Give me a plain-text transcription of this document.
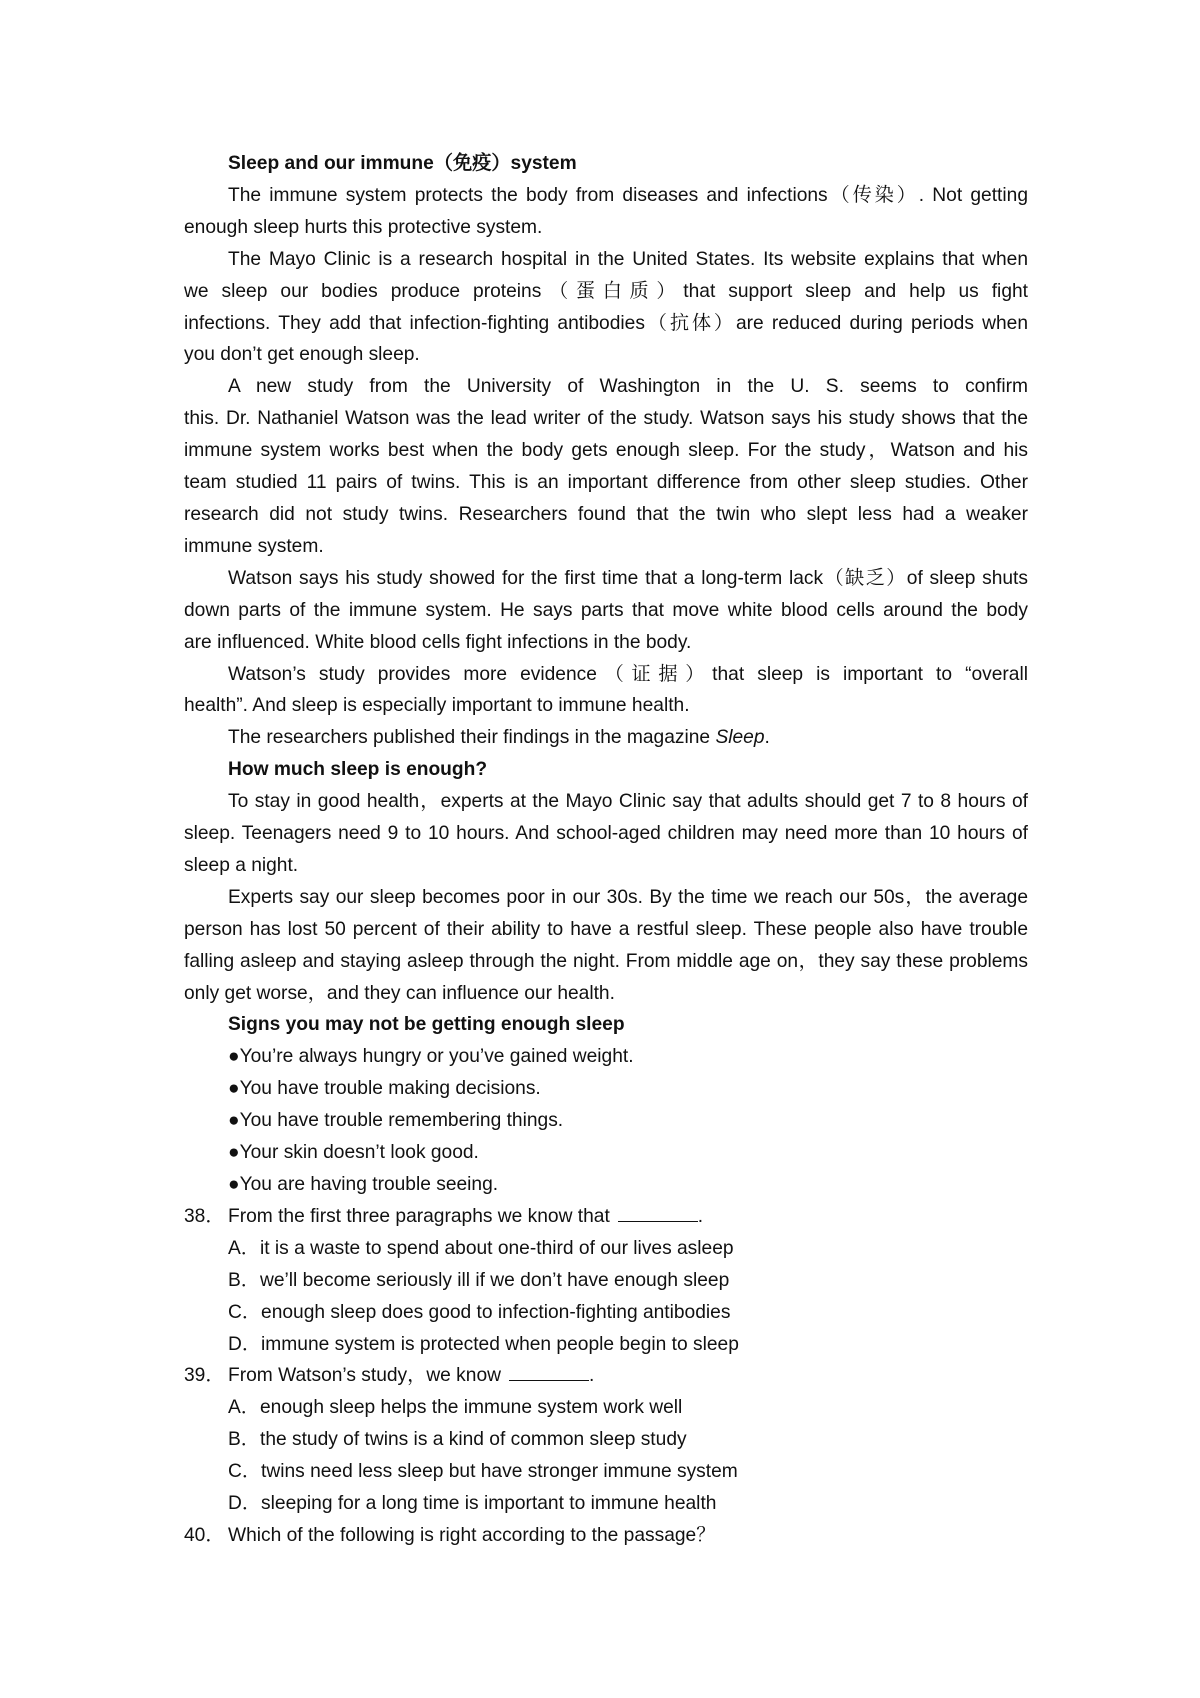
Sleep and our immune（免疫）system

The immune system protects the body from diseases and infections（传染）. Not getting

enough sleep hurts this protective system.

The Mayo Clinic is a research hospital in the United States. Its website explains that when

we sleep our bodies produce proteins（蛋白质）that support sleep and help us fight

infections. They add that infection-fighting antibodies（抗体）are reduced during periods when

you don’t get enough sleep.

A new study from the University of Washington in the U. S. seems to confirm

this. Dr. Nathaniel Watson was the lead writer of the study. Watson says his study shows that the

immune system works best when the body gets enough sleep. For the study，Watson and his

team studied 11 pairs of twins. This is an important difference from other sleep studies. Other

research did not study twins. Researchers found that the twin who slept less had a weaker

immune system.

Watson says his study showed for the first time that a long-term lack（缺乏）of sleep shuts

down parts of the immune system. He says parts that move white blood cells around the body

are influenced. White blood cells fight infections in the body.

Watson’s study provides more evidence（证据）that sleep is important to “overall

health”. And sleep is especially important to immune health.

The researchers published their findings in the magazine Sleep.

How much sleep is enough?

To stay in good health，experts at the Mayo Clinic say that adults should get 7 to 8 hours of

sleep. Teenagers need 9 to 10 hours. And school-aged children may need more than 10 hours of

sleep a night.

Experts say our sleep becomes poor in our 30s. By the time we reach our 50s，the average

person has lost 50 percent of their ability to have a restful sleep. These people also have trouble

falling asleep and staying asleep through the night. From middle age on，they say these problems

only get worse，and they can influence our health.

Signs you may not be getting enough sleep

●You’re always hungry or you’ve gained weight.

●You have trouble making decisions.

●You have trouble remembering things.

●Your skin doesn’t look good.

●You are having trouble seeing.

38． From the first three paragraphs we know that	.

A．it is a waste to spend about one-third of our lives asleep

B．we’ll become seriously ill if we don’t have enough sleep

C．enough sleep does good to infection-fighting antibodies

D．immune system is protected when people begin to sleep

39． From Watson’s study，we know	.

A．enough sleep helps the immune system work well

B．the study of twins is a kind of common sleep study

C．twins need less sleep but have stronger immune system

D．sleeping for a long time is important to immune health

40． Which of the following is right according to the passage？
